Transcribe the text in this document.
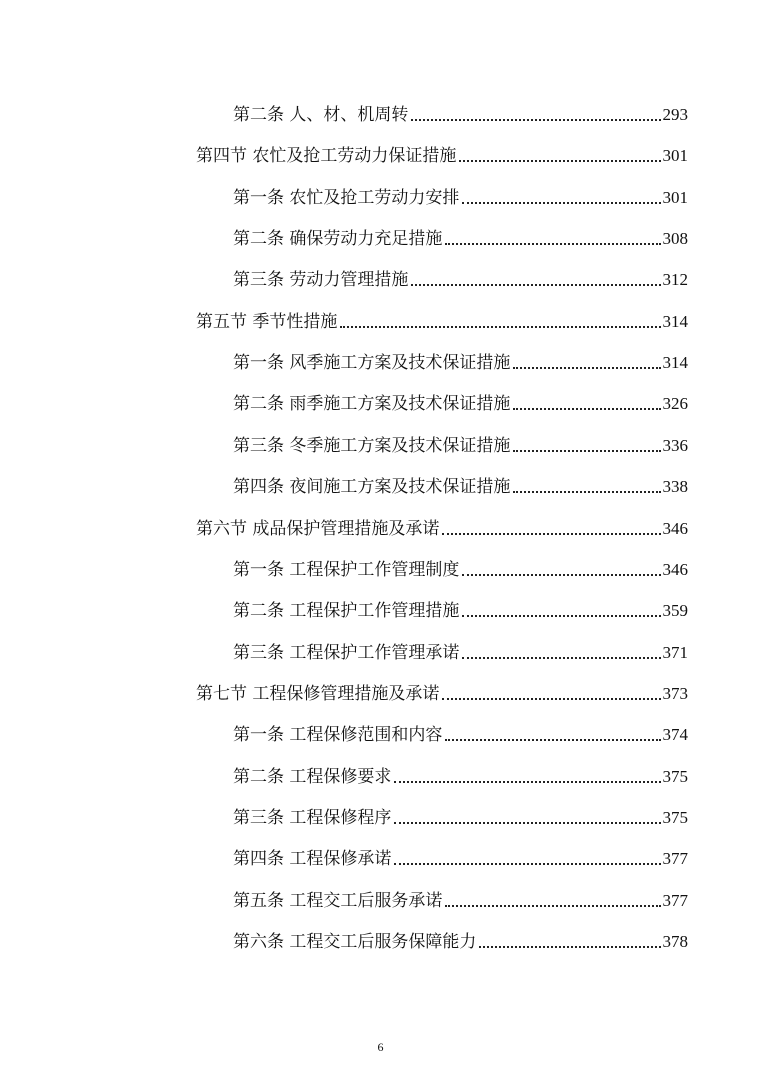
第二条 人、材、机周转	293
第四节 农忙及抢工劳动力保证措施	301
第一条 农忙及抢工劳动力安排	301
第二条 确保劳动力充足措施	308
第三条 劳动力管理措施	312
第五节 季节性措施	314
第一条 风季施工方案及技术保证措施	314
第二条 雨季施工方案及技术保证措施	326
第三条 冬季施工方案及技术保证措施	336
第四条 夜间施工方案及技术保证措施	338
第六节 成品保护管理措施及承诺	346
第一条 工程保护工作管理制度	346
第二条 工程保护工作管理措施	359
第三条 工程保护工作管理承诺	371
第七节 工程保修管理措施及承诺	373
第一条 工程保修范围和内容	374
第二条 工程保修要求	375
第三条 工程保修程序	375
第四条 工程保修承诺	377
第五条 工程交工后服务承诺	377
第六条 工程交工后服务保障能力	378
6
